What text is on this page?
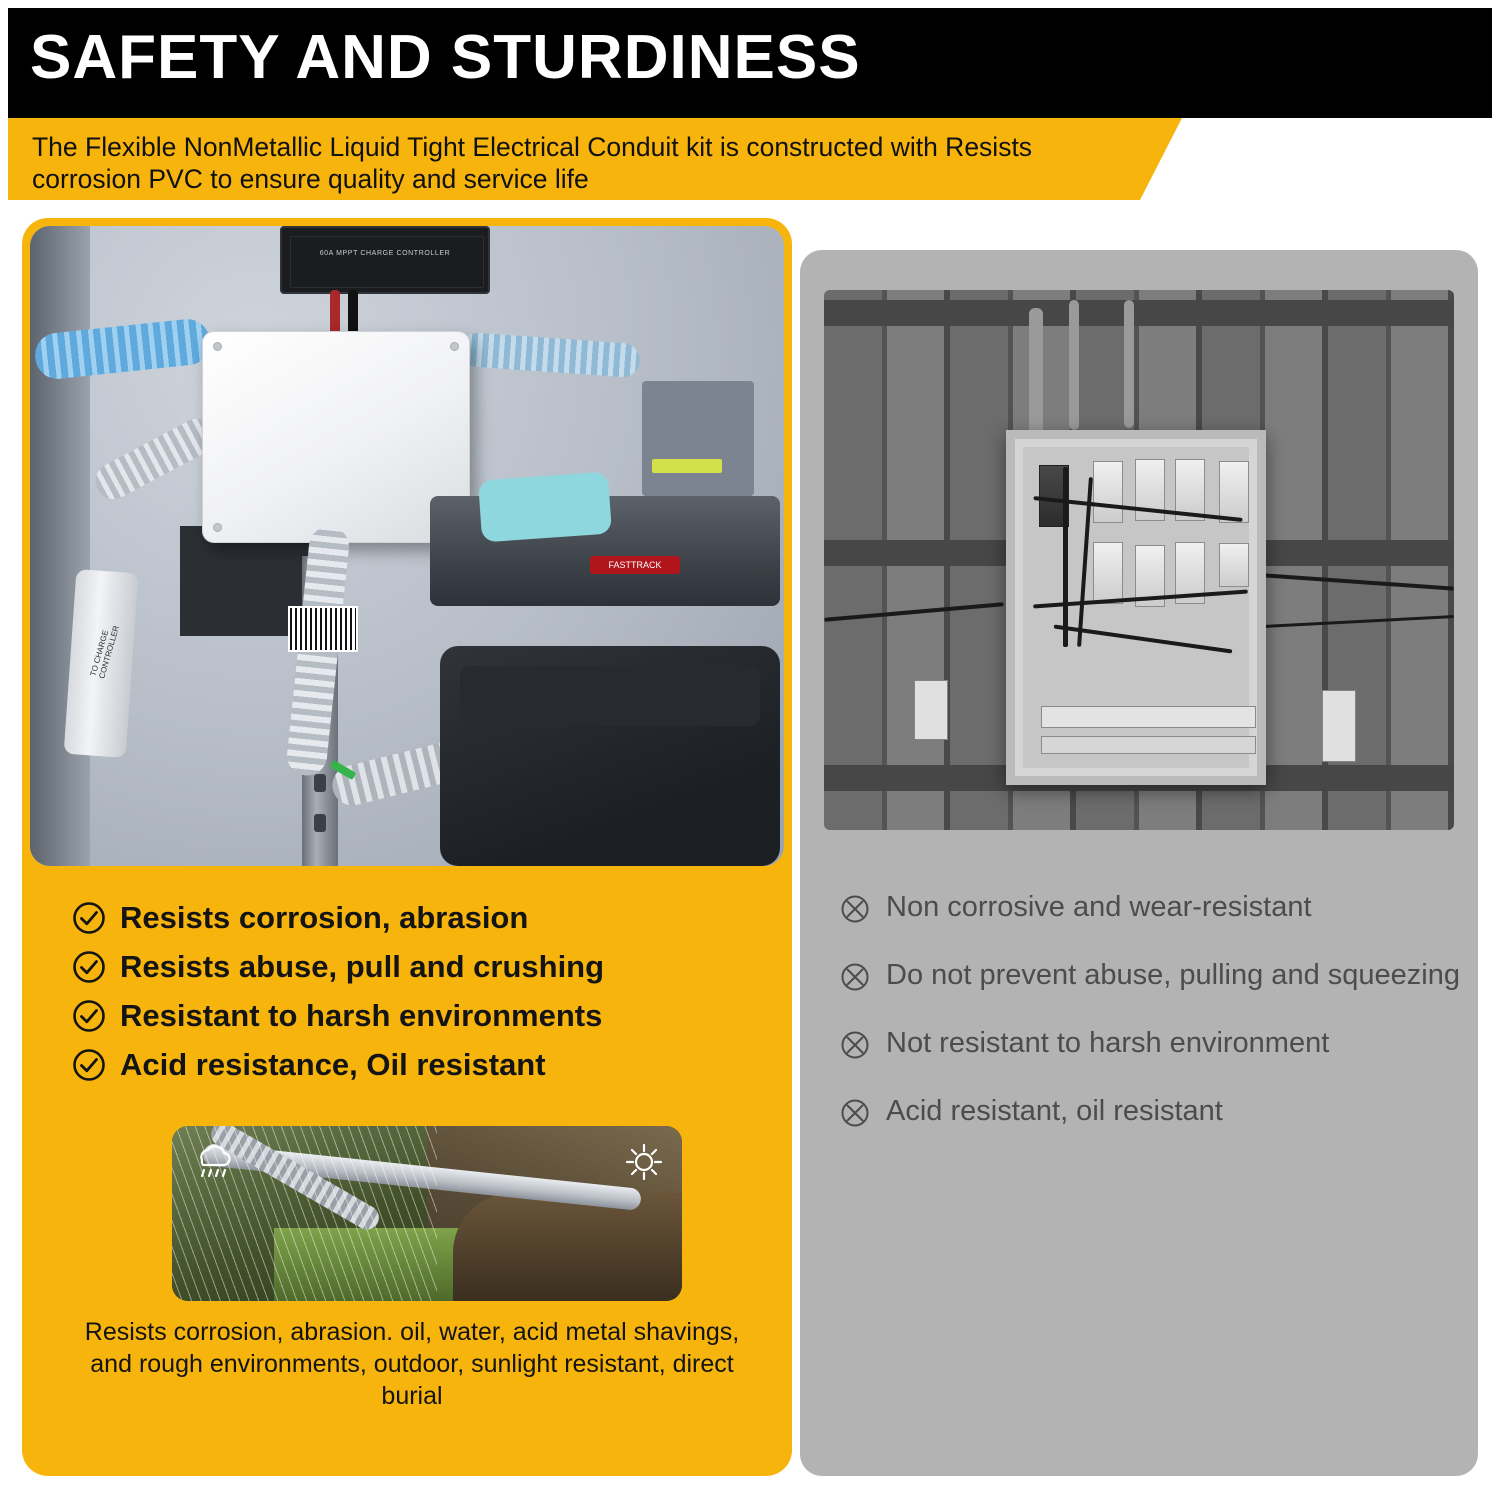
SAFETY AND STURDINESS
The Flexible NonMetallic Liquid Tight Electrical Conduit kit is constructed with Resists corrosion PVC to ensure quality and service life
60A MPPT CHARGE CONTROLLER
TO CHARGE CONTROLLER
FASTTRACK
Resists corrosion, abrasion
Resists abuse, pull and crushing
Resistant to harsh environments
Acid resistance, Oil resistant
Resists corrosion, abrasion. oil, water, acid metal shavings, and rough environments, outdoor, sunlight resistant, direct burial
Non corrosive and wear-resistant
Do not prevent abuse, pulling and squeezing
Not resistant to harsh environment
Acid resistant, oil resistant
